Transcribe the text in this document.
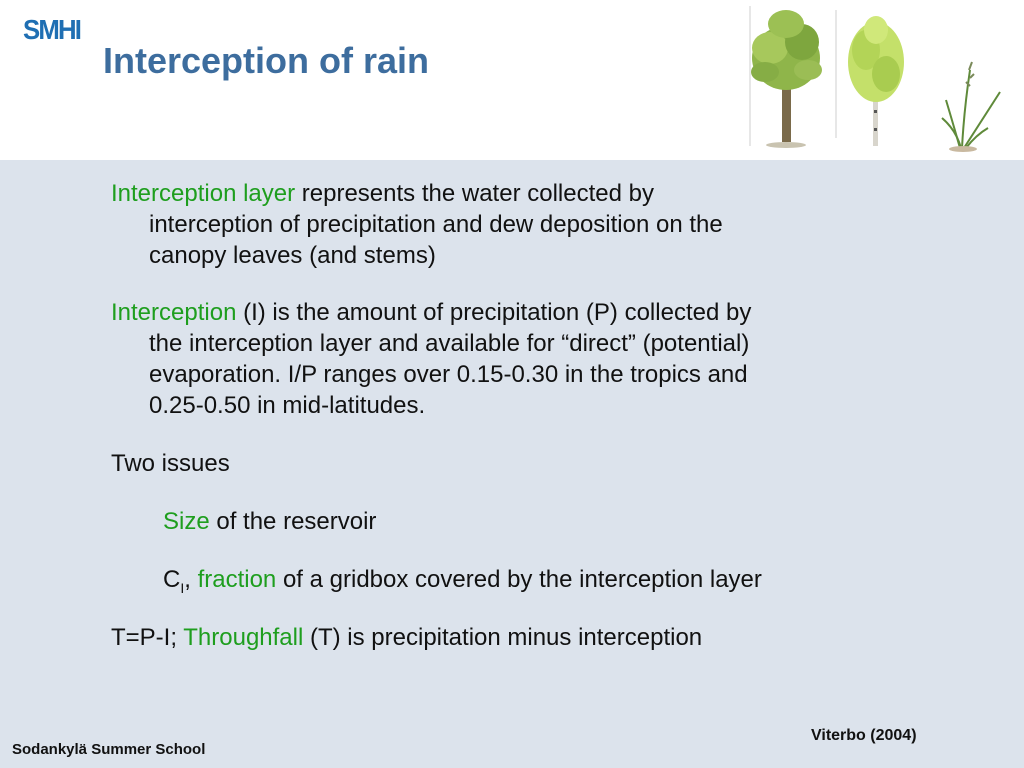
SMHI
Interception of rain

Interception layer represents the water collected by
interception of precipitation and dew deposition on the
canopy leaves (and stems)

Interception (I) is the amount of precipitation (P) collected by
the interception layer and available for “direct” (potential)
evaporation. I/P ranges over 0.15-0.30 in the tropics and
0.25-0.50 in mid-latitudes.

Two issues

Size of the reservoir

$C_I$, fraction of a gridbox covered by the interception layer

T=P-I; Throughfall (T) is precipitation minus interception

Sodankylä Summer School
Viterbo (2004)
